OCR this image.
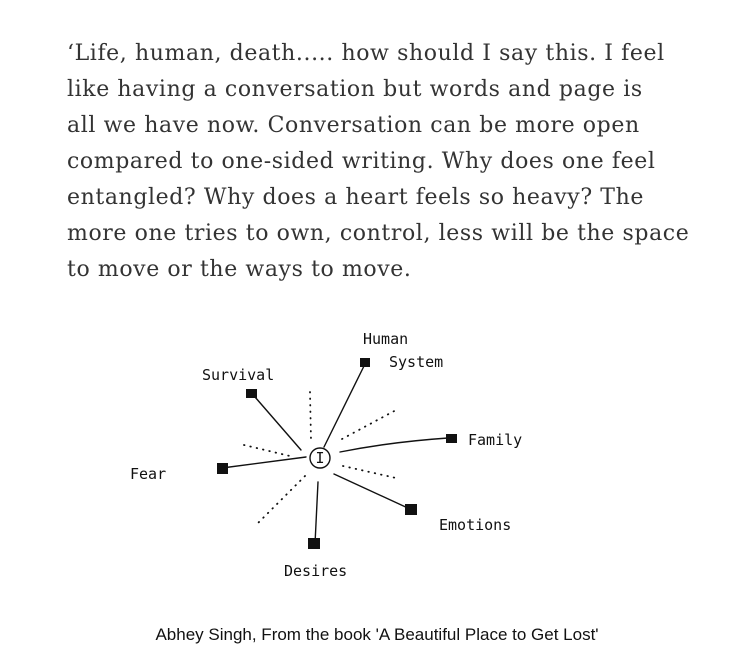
‘Life, human, death..... how should I say this. I feel
like having a conversation but words and page is
all we have now. Conversation can be more open
compared to one-sided writing. Why does one feel
entangled? Why does a heart feels so heavy? The
more one tries to own, control, less will be the space
to move or the ways to move.
I
Human
System
Survival
Family
Fear
Emotions
Desires
Abhey Singh, From the book 'A Beautiful Place to Get Lost'
